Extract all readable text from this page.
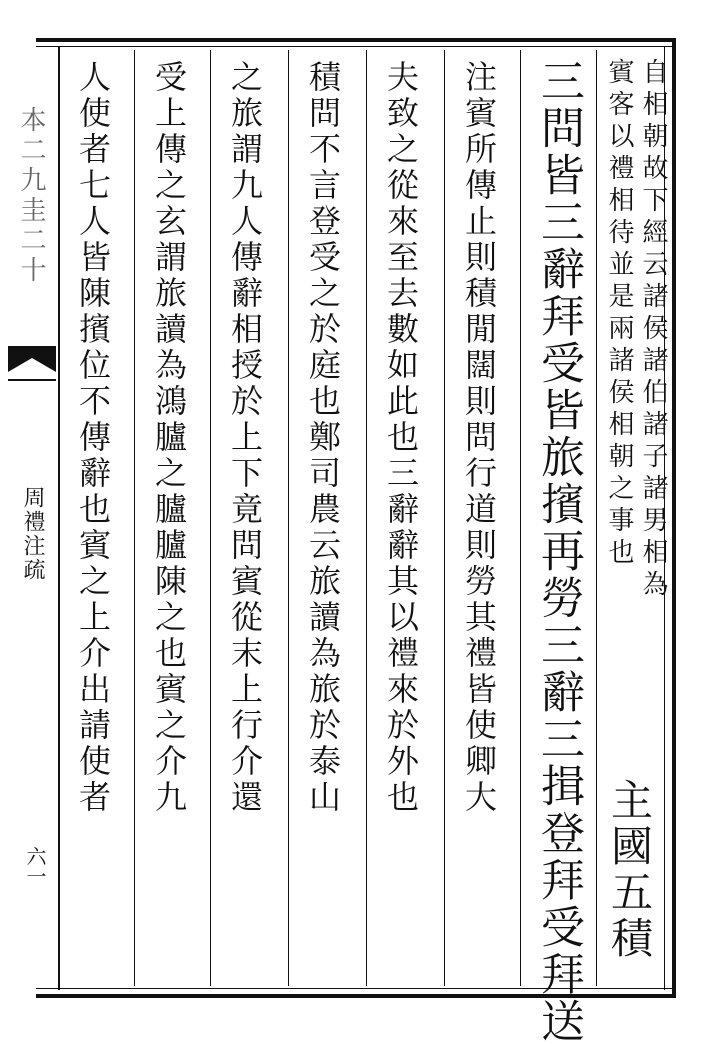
本二九圭二十
周禮注疏
六一
自相朝故下經云諸侯諸伯諸子諸男相為
賓客以禮相待並是兩諸侯相朝之事也
主國五積
三問皆三辭拜受皆旅擯再勞三辭三揖登拜受拜送
注賓所傳止則積閒闊則問行道則勞其禮皆使卿大
夫致之從來至去數如此也三辭辭其以禮來於外也
積問不言登受之於庭也鄭司農云旅讀為旅於泰山
之旅謂九人傳辭相授於上下竟問賓從末上行介還
受上傳之玄謂旅讀為鴻臚之臚臚陳之也賓之介九
人使者七人皆陳擯位不傳辭也賓之上介出請使者
